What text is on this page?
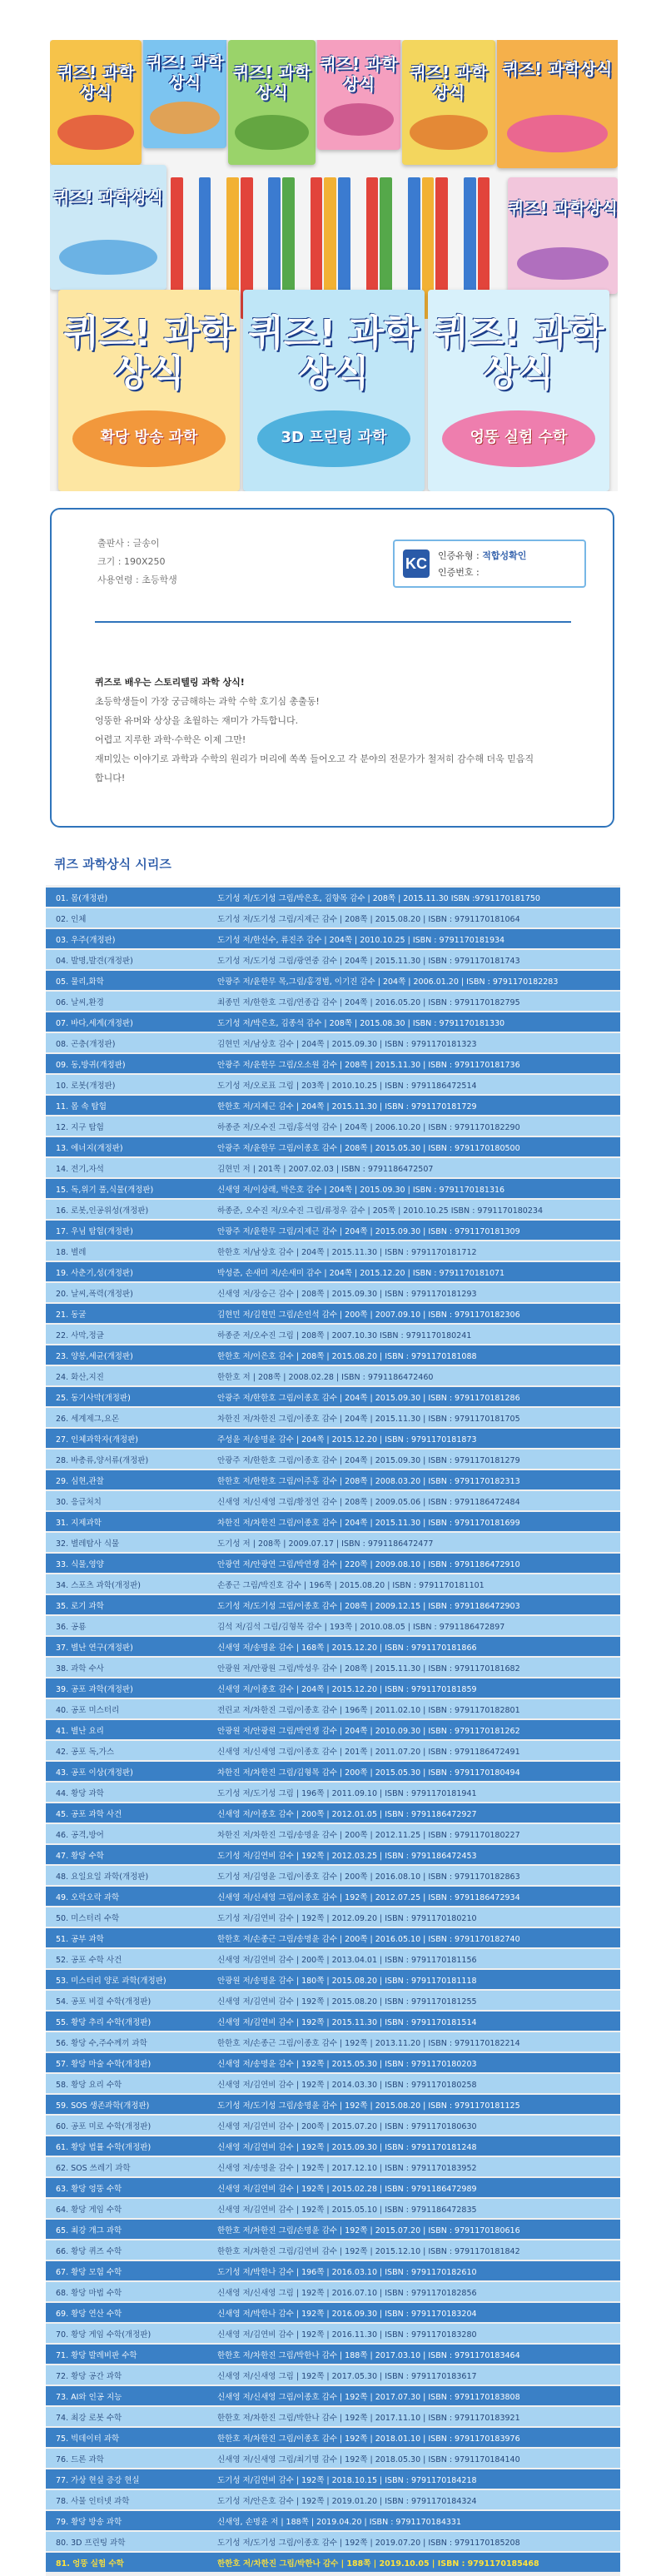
퀴즈! 과학상식
퀴즈! 과학상식
퀴즈! 과학상식
퀴즈! 과학상식
퀴즈! 과학상식
퀴즈! 과학상식
퀴즈! 과학상식
퀴즈! 과학상식
퀴즈! 과학상식
확당 방송 과학
퀴즈! 과학상식
3D 프린팅 과학
퀴즈! 과학상식
엉뚱 실험 수학
출판사 : 글송이
크기 : 190X250
사용연령 : 초등학생
KC 인증유형 : 적합성확인
인증번호 :
퀴즈로 배우는 스토리텔링 과학 상식!
초등학생들이 가장 궁금해하는 과학 수학 호기심 총출동!
엉뚱한 유머와 상상을 초월하는 재미가 가득합니다.
어렵고 지루한 과학·수학은 이제 그만!
재미있는 이야기로 과학과 수학의 원리가 머리에 쏙쏙 들어오고 각 분야의 전문가가 철저히 감수해 더욱 믿음직
합니다!
퀴즈 과학상식 시리즈
01. 몸(개정판)	도기성 저/도기성 그림/박은호, 김향목 감수 | 208쪽 | 2015.11.30 ISBN :9791170181750
02. 인체	도기성 저/도기성 그림/지제근 감수 | 208쪽 | 2015.08.20 | ISBN : 9791170181064
03. 우주(개정판)	도기성 저/한선수, 류진주 감수 | 204쪽 | 2010.10.25 | ISBN : 9791170181934
04. 발명,발견(개정판)	도기성 저/도기성 그림/광연중 감수 | 204쪽 | 2015.11.30 | ISBN : 9791170181743
05. 물리,화학	안광주 저/윤한무 목,그림/홍경범, 이기진 감수 | 204쪽 | 2006.01.20 | ISBN : 9791170182283
06. 날씨,환경	최종민 저/한한호 그림/연종갑 감수 | 204쪽 | 2016.05.20 | ISBN : 9791170182795
07. 바다,세계(개정판)	도기성 저/박은호, 김종석 감수 | 208쪽 | 2015.08.30 | ISBN : 9791170181330
08. 곤충(개정판)	김현민 저/남상호 감수 | 204쪽 | 2015.09.30 | ISBN : 9791170181323
09. 동,방귀(개정판)	안광주 저/윤한무 그림/오소원 감수 | 208쪽 | 2015.11.30 | ISBN : 9791170181736
10. 로봇(개정판)	도기성 저/오로표 그림 | 203쪽 | 2010.10.25 | ISBN : 9791186472514
11. 몸 속 탐험	한한호 저/지제근 감수 | 204쪽 | 2015.11.30 | ISBN : 9791170181729
12. 지구 탐험	하종준 저/오수진 그림/홍석영 감수 | 204쪽 | 2006.10.20 | ISBN : 9791170182290
13. 에너지(개정판)	안광주 저/윤한무 그림/이종호 감수 | 208쪽 | 2015.05.30 | ISBN : 9791170180500
14. 전기,자석	김현민 저 | 201쪽 | 2007.02.03 | ISBN : 9791186472507
15. 독,위기 풀,식물(개정판)	신새영 저/이상래, 박은호 감수 | 204쪽 | 2015.09.30 | ISBN : 9791170181316
16. 로봇,인공위성(개정판)	하종준, 오수진 저/오수진 그림/류정우 감수 | 205쪽 | 2010.10.25 ISBN : 9791170180234
17. 우님 탐험(개정판)	안광주 저/윤한무 그림/지제근 감수 | 204쪽 | 2015.09.30 | ISBN : 9791170181309
18. 별레	한한호 저/남상호 감수 | 204쪽 | 2015.11.30 | ISBN : 9791170181712
19. 사춘기,성(개정판)	박성준, 손새미 저/손새미 감수 | 204쪽 | 2015.12.20 | ISBN : 9791170181071
20. 날씨,폭력(개정판)	신새영 저/장승근 감수 | 208쪽 | 2015.09.30 | ISBN : 9791170181293
21. 동굴	김현민 저/김현민 그림/손인석 감수 | 200쪽 | 2007.09.10 | ISBN : 9791170182306
22. 사막,정글	하종준 저/오수진 그림 | 208쪽 | 2007.10.30 ISBN : 9791170180241
23. 양봉,세균(개정판)	한한호 저/이은호 감수 | 208쪽 | 2015.08.20 | ISBN : 9791170181088
24. 화산,지진	한한호 저 | 208쪽 | 2008.02.28 | ISBN : 9791186472460
25. 동기사막(개정판)	안광주 저/한한호 그림/이종호 감수 | 204쪽 | 2015.09.30 | ISBN : 9791170181286
26. 세계제그,요몬	차한진 저/차한진 그림/이종호 감수 | 204쪽 | 2015.11.30 | ISBN : 9791170181705
27. 인체과학자(개정판)	주성윤 저/송명윤 감수 | 204쪽 | 2015.12.20 | ISBN : 9791170181873
28. 바총류,양서류(개정판)	안광주 저/한한호 그림/이종호 감수 | 204쪽 | 2015.09.30 | ISBN : 9791170181279
29. 심현,관찰	한한호 저/한한호 그림/이주홍 감수 | 208쪽 | 2008.03.20 | ISBN : 9791170182313
30. 응급처치	신새영 저/신새영 그림/황정연 감수 | 208쪽 | 2009.05.06 | ISBN : 9791186472484
31. 지제과학	차한진 저/차한진 그림/이종호 감수 | 204쪽 | 2015.11.30 | ISBN : 9791170181699
32. 별레탐사 식물	도기성 저 | 208쪽 | 2009.07.17 | ISBN : 9791186472477
33. 식물,영양	안광연 저/안광연 그림/박연쟁 감수 | 220쪽 | 2009.08.10 | ISBN : 9791186472910
34. 스포츠 과학(개정판)	손종근 그림/박진호 감수 | 196쪽 | 2015.08.20 | ISBN : 9791170181101
35. 로기 과학	도기성 저/도기성 그림/이종호 감수 | 208쪽 | 2009.12.15 | ISBN : 9791186472903
36. 공룡	김석 저/김석 그림/김형목 감수 | 193쪽 | 2010.08.05 | ISBN : 9791186472897
37. 별난 연구(개정판)	신새영 저/송명윤 감수 | 168쪽 | 2015.12.20 | ISBN : 9791170181866
38. 과학 수사	안광원 저/안광원 그림/박성우 감수 | 208쪽 | 2015.11.30 | ISBN : 9791170181682
39. 공포 과학(개정판)	신새영 저/이종호 감수 | 204쪽 | 2015.12.20 | ISBN : 9791170181859
40. 공포 미스터리	전린교 저/차한진 그림/이종호 감수 | 196쪽 | 2011.02.10 | ISBN : 9791170182801
41. 별난 요리	안광원 저/안광원 그림/박연쟁 감수 | 204쪽 | 2010.09.30 | ISBN : 9791170181262
42. 공포 독,가스	신새영 저/신새영 그림/이종호 감수 | 201쪽 | 2011.07.20 | ISBN : 9791186472491
43. 공포 이상(개정판)	차한진 저/차한진 그림/김형목 감수 | 200쪽 | 2015.05.30 | ISBN : 9791170180494
44. 황당 과학	도기성 저/도기성 그림 | 196쪽 | 2011.09.10 | ISBN : 9791170181941
45. 공포 과학 사건	신새영 저/이종호 감수 | 200쪽 | 2012.01.05 | ISBN : 9791186472927
46. 공격,방어	차한진 저/차한진 그림/송명윤 감수 | 200쪽 | 2012.11.25 | ISBN : 9791170180227
47. 황당 수학	도기성 저/김연비 감수 | 192쪽 | 2012.03.25 | ISBN : 9791186472453
48. 요일요일 과학(개정판)	도기성 저/김영윤 그림/이종호 감수 | 200쪽 | 2016.08.10 | ISBN : 9791170182863
49. 오락오락 과학	신새영 저/신새영 그림/이종호 감수 | 192쪽 | 2012.07.25 | ISBN : 9791186472934
50. 미스터리 수학	도기성 저/김연비 감수 | 192쪽 | 2012.09.20 | ISBN : 9791170180210
51. 공부 과학	한한호 저/손종근 그림/송명윤 감수 | 200쪽 | 2016.05.10 | ISBN : 9791170182740
52. 공포 수학 사건	신새영 저/김연비 감수 | 200쪽 | 2013.04.01 | ISBN : 9791170181156
53. 미스터리 양로 과학(개정판)	안광원 저/송명윤 감수 | 180쪽 | 2015.08.20 | ISBN : 9791170181118
54. 공포 비결 수학(개정판)	신새영 저/김연비 감수 | 192쪽 | 2015.08.20 | ISBN : 9791170181255
55. 황당 추리 수학(개정판)	신새영 저/김연비 감수 | 192쪽 | 2015.11.30 | ISBN : 9791170181514
56. 황당 수,주수께끼 과학	한한호 저/손종근 그림/이종호 감수 | 192쪽 | 2013.11.20 | ISBN : 9791170182214
57. 황당 마술 수학(개정판)	신새영 저/송명윤 감수 | 192쪽 | 2015.05.30 | ISBN : 9791170180203
58. 황당 요리 수학	신새영 저/김연비 감수 | 192쪽 | 2014.03.30 | ISBN : 9791170180258
59. SOS 생존과학(개정판)	도기성 저/도기성 그림/송명윤 감수 | 192쪽 | 2015.08.20 | ISBN : 9791170181125
60. 공포 미로 수학(개정판)	신새영 저/김연비 감수 | 200쪽 | 2015.07.20 | ISBN : 9791170180630
61. 황당 법률 수학(개정판)	신새영 저/김연비 감수 | 192쪽 | 2015.09.30 | ISBN : 9791170181248
62. SOS 쓰레기 과학	신새영 저/송명윤 감수 | 192쪽 | 2017.12.10 | ISBN : 9791170183952
63. 황당 엉뚱 수학	신새영 저/김연비 감수 | 192쪽 | 2015.02.28 | ISBN : 9791186472989
64. 황당 게임 수학	신새영 저/김연비 감수 | 192쪽 | 2015.05.10 | ISBN : 9791186472835
65. 최강 개그 과학	한한호 저/차한진 그림/손명윤 감수 | 192쪽 | 2015.07.20 | ISBN : 9791170180616
66. 황당 퀴즈 수학	한한호 저/차한진 그림/김연비 감수 | 192쪽 | 2015.12.10 | ISBN : 9791170181842
67. 황당 모험 수학	도기성 저/박한나 감수 | 196쪽 | 2016.03.10 | ISBN : 9791170182610
68. 황당 마법 수학	신새영 저/신새영 그림 | 192쪽 | 2016.07.10 | ISBN : 9791170182856
69. 황당 연산 수학	신새영 저/박한나 감수 | 192쪽 | 2016.09.30 | ISBN : 9791170183204
70. 황당 게임 수학(개정판)	신새영 저/김연비 감수 | 192쪽 | 2016.11.30 | ISBN : 9791170183280
71. 황당 발레비판 수학	한한호 저/차한진 그림/박한나 감수 | 188쪽 | 2017.03.10 | ISBN : 9791170183464
72. 황당 공간 과학	신새영 저/신새영 그림 | 192쪽 | 2017.05.30 | ISBN : 9791170183617
73. AI와 인공 지능	신새영 저/신새영 그림/이종호 감수 | 192쪽 | 2017.07.30 | ISBN : 9791170183808
74. 최강 로봇 수학	한한호 저/차한진 그림/박한나 감수 | 192쪽 | 2017.11.10 | ISBN : 9791170183921
75. 빅데이터 과학	한한호 저/차한진 그림/이종호 감수 | 192쪽 | 2018.01.10 | ISBN : 9791170183976
76. 드론 과학	신새영 저/신새영 그림/최기명 감수 | 192쪽 | 2018.05.30 | ISBN : 9791170184140
77. 가상 현실 증강 현실	도기성 저/김연비 감수 | 192쪽 | 2018.10.15 | ISBN : 9791170184218
78. 사물 인터넷 과학	도기성 저/안은호 감수 | 192쪽 | 2019.01.20 | ISBN : 9791170184324
79. 황당 방송 과학	신새영, 손명윤 저 | 188쪽 | 2019.04.20 | ISBN : 9791170184331
80. 3D 프린팅 과학	도기성 저/도기성 그림/이종호 감수 | 192쪽 | 2019.07.20 | ISBN : 9791170185208
81. 엉뚱 실험 수학	한한호 저/차한진 그림/박한나 감수 | 188쪽 | 2019.10.05 | ISBN : 9791170185468
